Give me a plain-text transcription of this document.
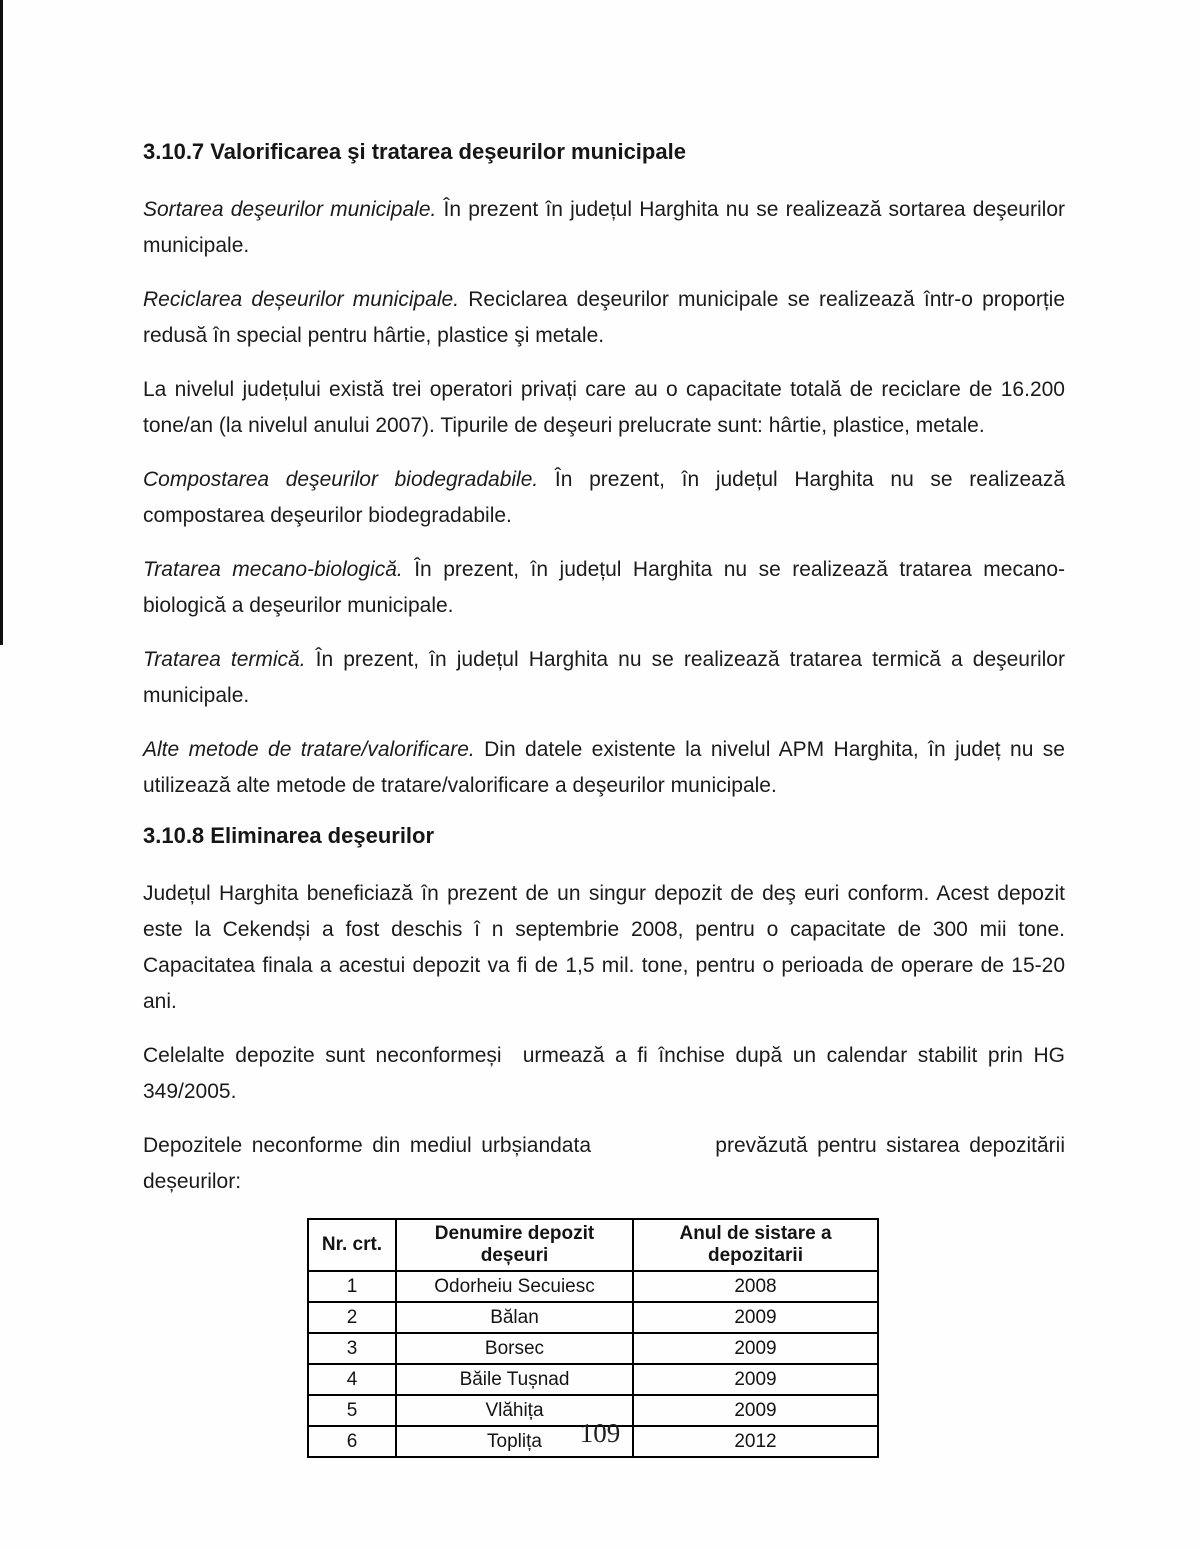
3.10.7 Valorificarea şi tratarea deşeurilor municipale

Sortarea deşeurilor municipale. În prezent în județul Harghita nu se realizează sortarea deşeurilor municipale.

Reciclarea deșeurilor municipale. Reciclarea deşeurilor municipale se realizează într-o proporție redusă în special pentru hârtie, plastice şi metale.

La nivelul județului există trei operatori privați care au o capacitate totală de reciclare de 16.200 tone/an (la nivelul anului 2007). Tipurile de deşeuri prelucrate sunt: hârtie, plastice, metale.

Compostarea deşeurilor biodegradabile. În prezent, în județul Harghita nu se realizează compostarea deşeurilor biodegradabile.

Tratarea mecano-biologică. În prezent, în județul Harghita nu se realizează tratarea mecano-biologică a deşeurilor municipale.

Tratarea termică. În prezent, în județul Harghita nu se realizează tratarea termică a deşeurilor municipale.

Alte metode de tratare/valorificare. Din datele existente la nivelul APM Harghita, în județ nu se utilizează alte metode de tratare/valorificare a deşeurilor municipale.

3.10.8 Eliminarea deşeurilor

Județul Harghita beneficiază în prezent de un singur depozit de deş euri conform. Acest depozit este la Cekendși a fost deschis î n septembrie 2008, pentru o capacitate de 300 mii tone. Capacitatea finala a acestui depozit va fi de 1,5 mil. tone, pentru o perioada de operare de 15-20 ani.

Celelalte depozite sunt neconformeși  urmează a fi închise după un calendar stabilit prin HG 349/2005.

Depozitele neconforme din mediul urbșiandata             prevăzută pentru sistarea depozitării deșeurilor:

Nr. crt.	Denumire depozit deșeuri	Anul de sistare a depozitarii
1	Odorheiu Secuiesc	2008
2	Bălan	2009
3	Borsec	2009
4	Băile Tușnad	2009
5	Vlăhița	2009
6	Toplița	2012
109
